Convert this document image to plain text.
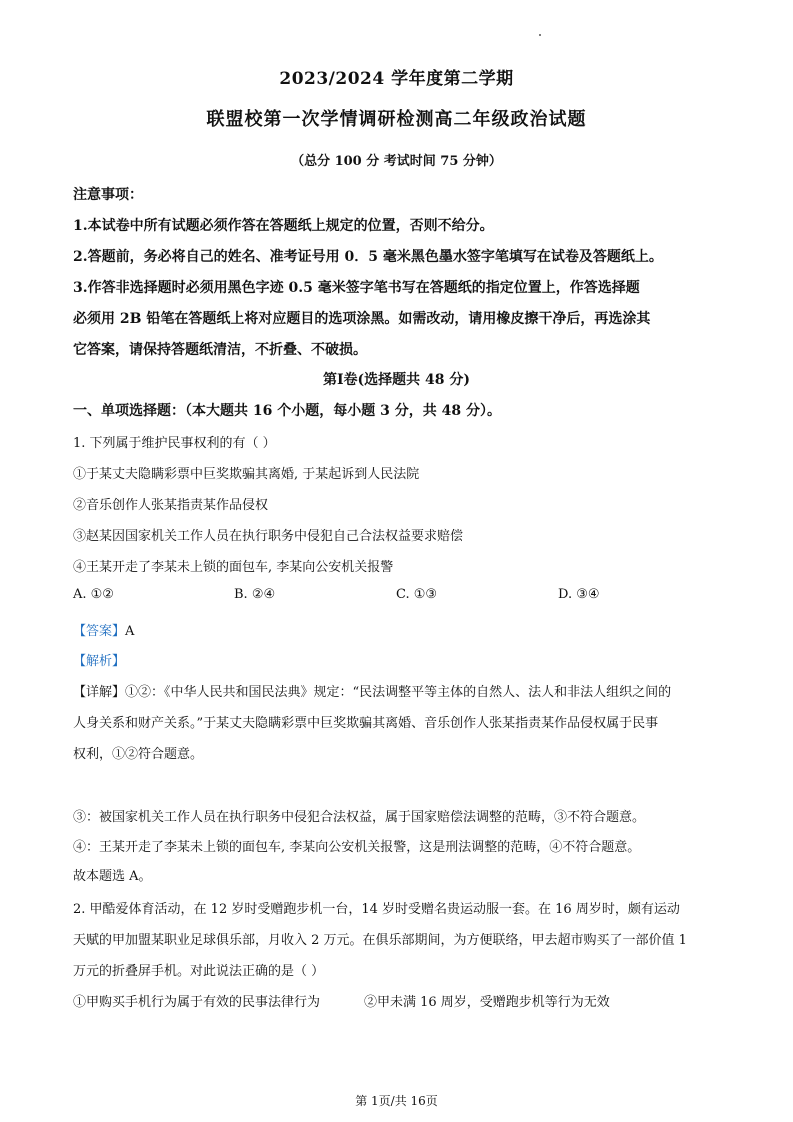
2023/2024 学年度第二学期
联盟校第一次学情调研检测高二年级政治试题
（总分 100 分 考试时间 75 分钟）
注意事项：
1.本试卷中所有试题必须作答在答题纸上规定的位置，否则不给分。
2.答题前，务必将自己的姓名、准考证号用 0．5 毫米黑色墨水签字笔填写在试卷及答题纸上。
3.作答非选择题时必须用黑色字迹 0.5 毫米签字笔书写在答题纸的指定位置上，作答选择题
必须用 2B 铅笔在答题纸上将对应题目的选项涂黑。如需改动，请用橡皮擦干净后，再选涂其
它答案，请保持答题纸清洁，不折叠、不破损。
第Ⅰ卷(选择题共 48 分)
一、单项选择题：（本大题共 16 个小题，每小题 3 分，共 48 分）。
1. 下列属于维护民事权利的有（ ）
①于某丈夫隐瞒彩票中巨奖欺骗其离婚, 于某起诉到人民法院
②音乐创作人张某指责某作品侵权
③赵某因国家机关工作人员在执行职务中侵犯自己合法权益要求赔偿
④王某开走了李某未上锁的面包车, 李某向公安机关报警
A. ①②	B. ②④	C. ①③	D. ③④
【答案】A
【解析】
【详解】①②：《中华人民共和国民法典》规定：“民法调整平等主体的自然人、法人和非法人组织之间的
人身关系和财产关系。”于某丈夫隐瞒彩票中巨奖欺骗其离婚、音乐创作人张某指责某作品侵权属于民事
权利，①②符合题意。
③：被国家机关工作人员在执行职务中侵犯合法权益，属于国家赔偿法调整的范畴，③不符合题意。
④：王某开走了李某未上锁的面包车, 李某向公安机关报警，这是刑法调整的范畴，④不符合题意。
故本题选 A。
2. 甲酷爱体育活动，在 12 岁时受赠跑步机一台，14 岁时受赠名贵运动服一套。在 16 周岁时，颇有运动
天赋的甲加盟某职业足球俱乐部，月收入 2 万元。在俱乐部期间，为方便联络，甲去超市购买了一部价值 1
万元的折叠屏手机。对此说法正确的是（ ）
①甲购买手机行为属于有效的民事法律行为	②甲未满 16 周岁，受赠跑步机等行为无效
第 1页/共 16页
